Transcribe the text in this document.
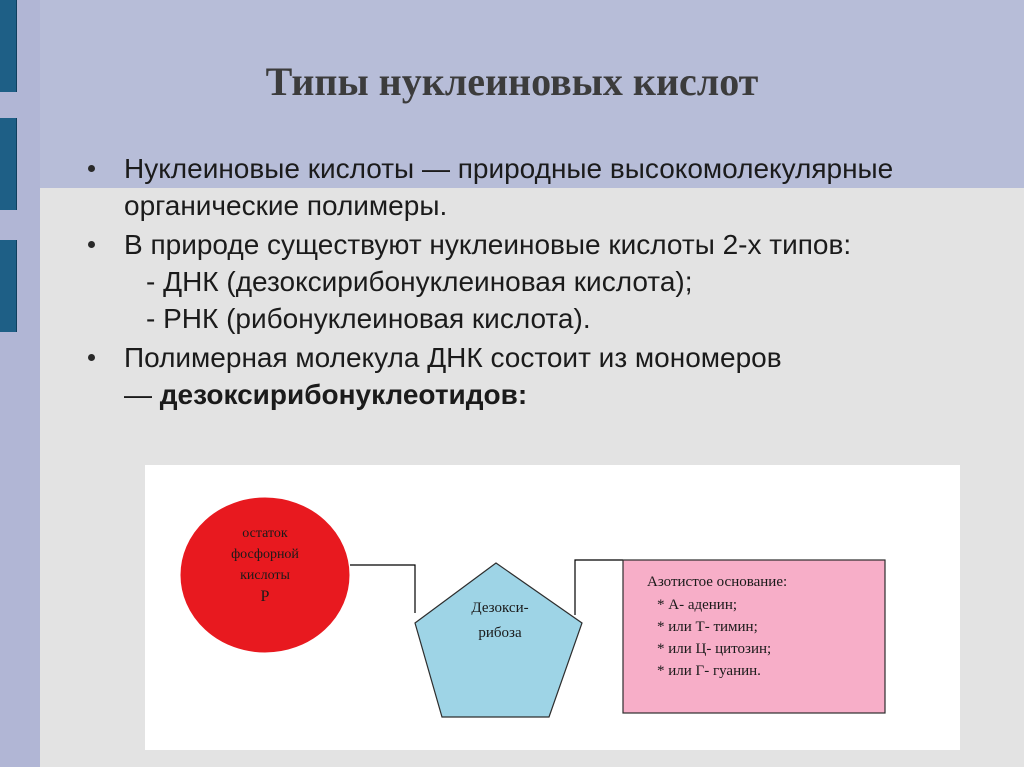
Типы нуклеиновых кислот
Нуклеиновые кислоты — природные высокомолекулярные органические полимеры.
В природе существуют нуклеиновые кислоты 2-х типов:
- ДНК (дезоксирибонуклеиновая кислота);
- РНК (рибонуклеиновая кислота).
Полимерная молекула ДНК состоит из мономеров
— дезоксирибонуклеотидов:
остаток
фосфорной
кислоты
Р
Дезокси-
рибоза
Азотистое основание:
* А- аденин;
* или Т- тимин;
* или Ц- цитозин;
* или Г- гуанин.
